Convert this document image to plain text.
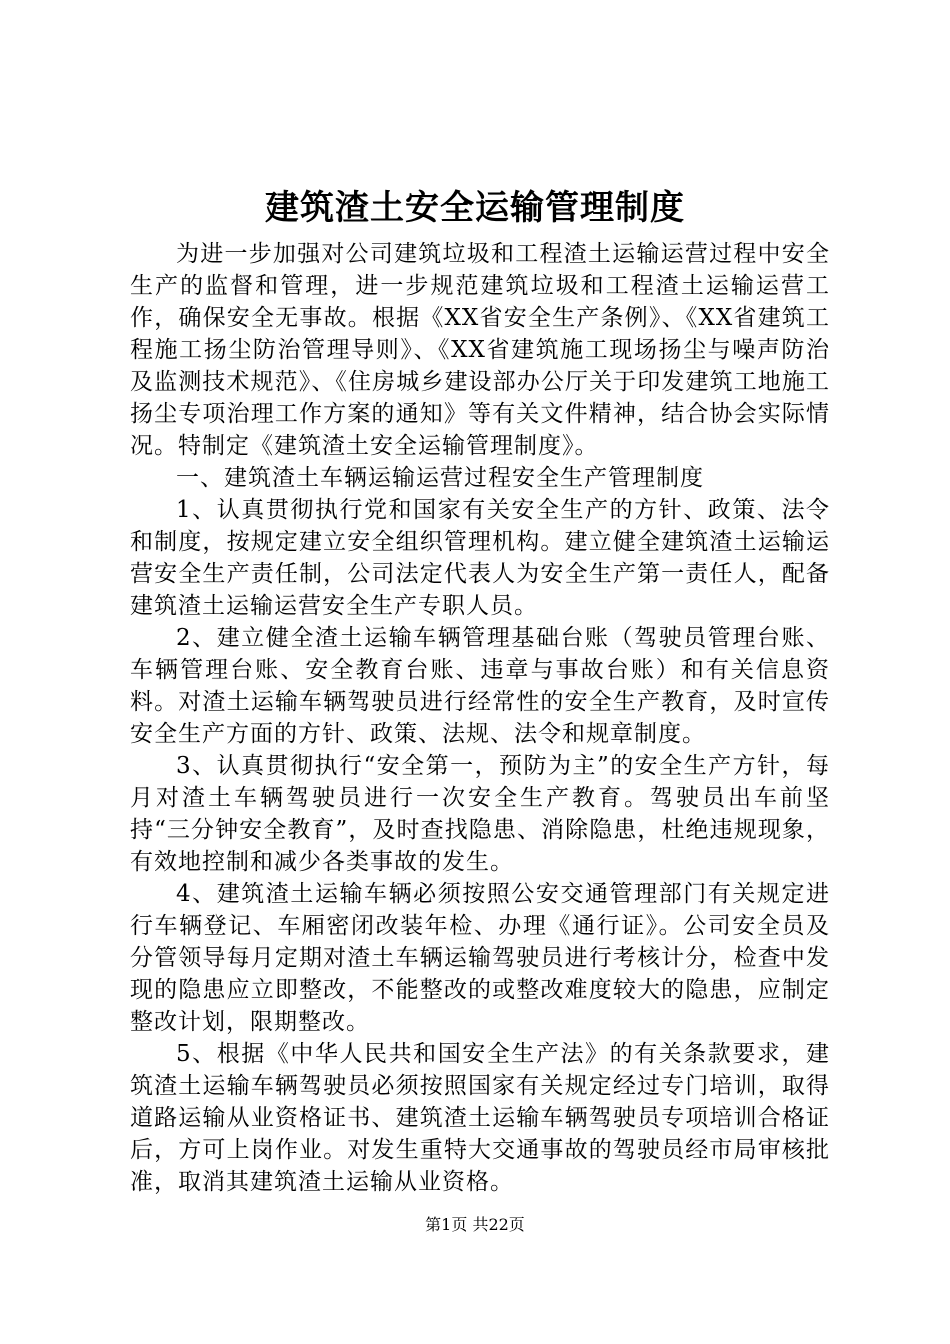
建筑渣土安全运输管理制度

为进一步加强对公司建筑垃圾和工程渣土运输运营过程中安全生产的监督和管理，进一步规范建筑垃圾和工程渣土运输运营工作，确保安全无事故。根据《XX省安全生产条例》、《XX省建筑工程施工扬尘防治管理导则》、《XX省建筑施工现场扬尘与噪声防治及监测技术规范》、《住房城乡建设部办公厅关于印发建筑工地施工扬尘专项治理工作方案的通知》等有关文件精神，结合协会实际情况。特制定《建筑渣土安全运输管理制度》。

一、建筑渣土车辆运输运营过程安全生产管理制度

1、认真贯彻执行党和国家有关安全生产的方针、政策、法令和制度，按规定建立安全组织管理机构。建立健全建筑渣土运输运营安全生产责任制，公司法定代表人为安全生产第一责任人，配备建筑渣土运输运营安全生产专职人员。

2、建立健全渣土运输车辆管理基础台账（驾驶员管理台账、车辆管理台账、安全教育台账、违章与事故台账）和有关信息资料。对渣土运输车辆驾驶员进行经常性的安全生产教育，及时宣传安全生产方面的方针、政策、法规、法令和规章制度。

3、认真贯彻执行“安全第一，预防为主”的安全生产方针，每月对渣土车辆驾驶员进行一次安全生产教育。驾驶员出车前坚持“三分钟安全教育”，及时查找隐患、消除隐患，杜绝违规现象，有效地控制和减少各类事故的发生。

4、建筑渣土运输车辆必须按照公安交通管理部门有关规定进行车辆登记、车厢密闭改装年检、办理《通行证》。公司安全员及分管领导每月定期对渣土车辆运输驾驶员进行考核计分，检查中发现的隐患应立即整改，不能整改的或整改难度较大的隐患，应制定整改计划，限期整改。

5、根据《中华人民共和国安全生产法》的有关条款要求，建筑渣土运输车辆驾驶员必须按照国家有关规定经过专门培训，取得道路运输从业资格证书、建筑渣土运输车辆驾驶员专项培训合格证后，方可上岗作业。对发生重特大交通事故的驾驶员经市局审核批准，取消其建筑渣土运输从业资格。

第1页 共22页
